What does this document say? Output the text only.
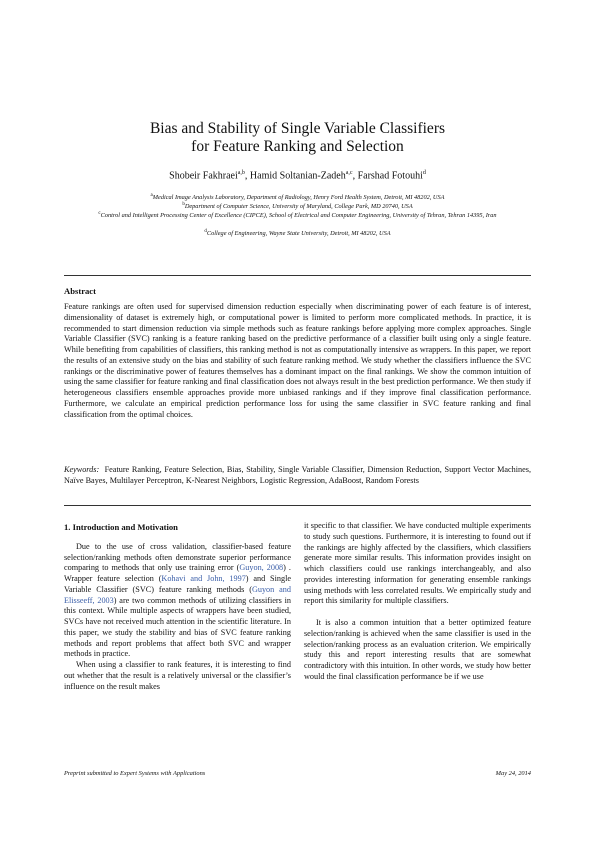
Bias and Stability of Single Variable Classifiers
for Feature Ranking and Selection
Shobeir Fakhraei$^{a,b}$, Hamid Soltanian-Zadeh$^{a,c}$, Farshad Fotouhi$^d$
$^a$Medical Image Analysis Laboratory, Department of Radiology, Henry Ford Health System, Detroit, MI 48202, USA
$^b$Department of Computer Science, University of Maryland, College Park, MD 20740, USA
$^c$Control and Intelligent Processing Center of Excellence (CIPCE), School of Electrical and Computer Engineering, University of Tehran, Tehran 14395, Iran
$^d$College of Engineering, Wayne State University, Detroit, MI 48202, USA
Abstract
Feature rankings are often used for supervised dimension reduction especially when discriminating power of each feature is of interest, dimensionality of dataset is extremely high, or computational power is limited to perform more complicated methods. In practice, it is recommended to start dimension reduction via simple methods such as feature rankings before applying more complex approaches. Single Variable Classifier (SVC) ranking is a feature ranking based on the predictive performance of a classifier built using only a single feature. While benefiting from capabilities of classifiers, this ranking method is not as computationally intensive as wrappers. In this paper, we report the results of an extensive study on the bias and stability of such feature ranking method. We study whether the classifiers influence the SVC rankings or the discriminative power of features themselves has a dominant impact on the final rankings. We show the common intuition of using the same classifier for feature ranking and final classification does not always result in the best prediction performance. We then study if heterogeneous classifiers ensemble approaches provide more unbiased rankings and if they improve final classification performance. Furthermore, we calculate an empirical prediction performance loss for using the same classifier in SVC feature ranking and final classification from the optimal choices.
Keywords: Feature Ranking, Feature Selection, Bias, Stability, Single Variable Classifier, Dimension Reduction, Support Vector Machines, Naïve Bayes, Multilayer Perceptron, K-Nearest Neighbors, Logistic Regression, AdaBoost, Random Forests
1. Introduction and Motivation

Due to the use of cross validation, classifier-based feature selection/ranking methods often demonstrate superior performance comparing to methods that only use training error (Guyon, 2008) . Wrapper feature selection (Kohavi and John, 1997) and Single Variable Classifier (SVC) feature ranking methods (Guyon and Elisseeff, 2003) are two common methods of utilizing classifiers in this context. While multiple aspects of wrappers have been studied, SVCs have not received much attention in the scientific literature. In this paper, we study the stability and bias of SVC feature ranking methods and report problems that affect both SVC and wrapper methods in practice.

When using a classifier to rank features, it is interesting to find out whether that the result is a relatively universal or the classifier’s influence on the result makes

it specific to that classifier. We have conducted multiple experiments to study such questions. Furthermore, it is interesting to found out if the rankings are highly affected by the classifiers, which classifiers generate more similar results. This information provides insight on which classifiers could use rankings interchangeably, and also provides interesting information for generating ensemble rankings using methods with less correlated results. We empirically study and report this similarity for multiple classifiers.

It is also a common intuition that a better optimized feature selection/ranking is achieved when the same classifier is used in the selection/ranking process as an evaluation criterion. We empirically study this and report interesting results that are somewhat contradictory with this intuition. In other words, we study how better would the final classification performance be if we use

Preprint submitted to Expert Systems with Applications	May 24, 2014
